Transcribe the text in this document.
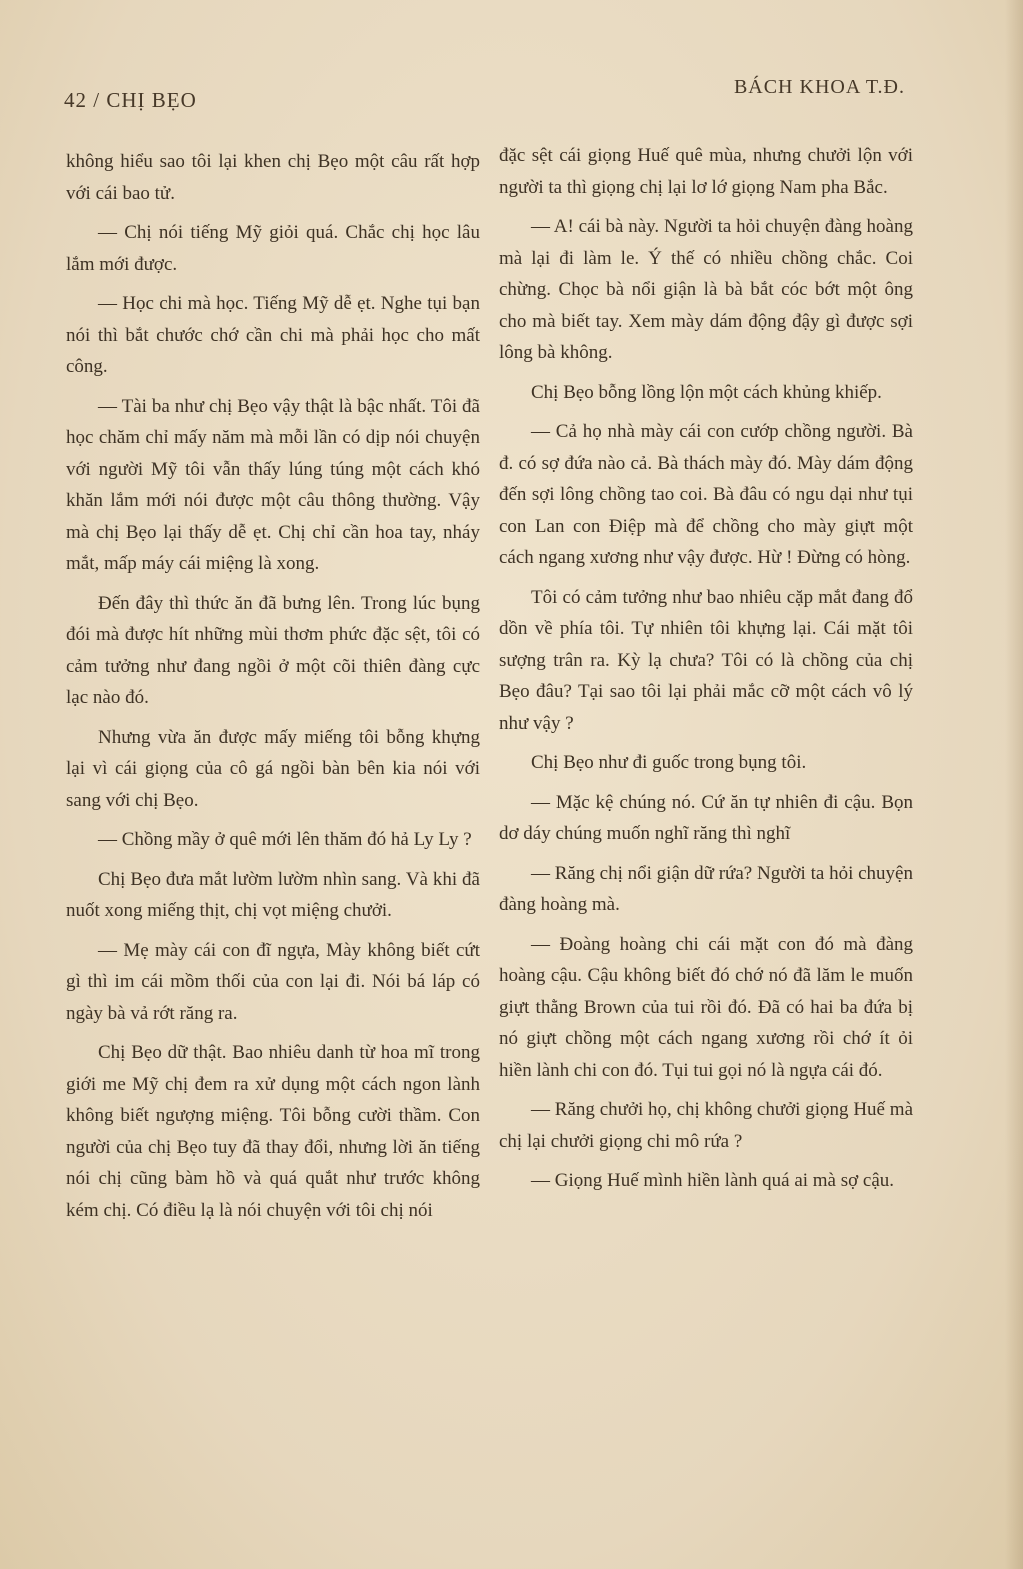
42 / CHỊ BẸO
BÁCH KHOA T.Đ.

không hiểu sao tôi lại khen chị Bẹo một câu rất hợp với cái bao tử.

— Chị nói tiếng Mỹ giỏi quá. Chắc chị học lâu lắm mới được.

— Học chi mà học. Tiếng Mỹ dễ ẹt. Nghe tụi bạn nói thì bắt chước chớ cần chi mà phải học cho mất công.

— Tài ba như chị Bẹo vậy thật là bậc nhất. Tôi đã học chăm chỉ mấy năm mà mỗi lần có dịp nói chuyện với người Mỹ tôi vẫn thấy lúng túng một cách khó khăn lắm mới nói được một câu thông thường. Vậy mà chị Bẹo lại thấy dễ ẹt. Chị chỉ cần hoa tay, nháy mắt, mấp máy cái miệng là xong.

Đến đây thì thức ăn đã bưng lên. Trong lúc bụng đói mà được hít những mùi thơm phức đặc sệt, tôi có cảm tưởng như đang ngồi ở một cõi thiên đàng cực lạc nào đó.

Nhưng vừa ăn được mấy miếng tôi bỗng khựng lại vì cái giọng của cô gá ngồi bàn bên kia nói với sang với chị Bẹo.

— Chồng mầy ở quê mới lên thăm đó hả Ly Ly ?

Chị Bẹo đưa mắt lườm lườm nhìn sang. Và khi đã nuốt xong miếng thịt, chị vọt miệng chưởi.

— Mẹ mày cái con đĩ ngựa, Mày không biết cứt gì thì im cái mồm thối của con lại đi. Nói bá láp có ngày bà vả rớt răng ra.

Chị Bẹo dữ thật. Bao nhiêu danh từ hoa mĩ trong giới me Mỹ chị đem ra xử dụng một cách ngon lành không biết ngượng miệng. Tôi bỗng cười thầm. Con người của chị Bẹo tuy đã thay đổi, nhưng lời ăn tiếng nói chị cũng bàm hồ và quá quắt như trước không kém chị. Có điều lạ là nói chuyện với tôi chị nói

đặc sệt cái giọng Huế quê mùa, nhưng chưởi lộn với người ta thì giọng chị lại lơ lớ giọng Nam pha Bắc.

— A! cái bà này. Người ta hỏi chuyện đàng hoàng mà lại đi làm le. Ý thế có nhiều chồng chắc. Coi chừng. Chọc bà nổi giận là bà bắt cóc bớt một ông cho mà biết tay. Xem mày dám động đậy gì được sợi lông bà không.

Chị Bẹo bỗng lồng lộn một cách khủng khiếp.

— Cả họ nhà mày cái con cướp chồng người. Bà đ. có sợ đứa nào cả. Bà thách mày đó. Mày dám động đến sợi lông chồng tao coi. Bà đâu có ngu dại như tụi con Lan con Điệp mà để chồng cho mày giựt một cách ngang xương như vậy được. Hừ ! Đừng có hòng.

Tôi có cảm tưởng như bao nhiêu cặp mắt đang đổ dồn về phía tôi. Tự nhiên tôi khựng lại. Cái mặt tôi sượng trân ra. Kỳ lạ chưa? Tôi có là chồng của chị Bẹo đâu? Tại sao tôi lại phải mắc cỡ một cách vô lý như vậy ?

Chị Bẹo như đi guốc trong bụng tôi.

— Mặc kệ chúng nó. Cứ ăn tự nhiên đi cậu. Bọn dơ dáy chúng muốn nghĩ răng thì nghĩ

— Răng chị nổi giận dữ rứa? Người ta hỏi chuyện đàng hoàng mà.

— Đoàng hoàng chi cái mặt con đó mà đàng hoàng cậu. Cậu không biết đó chớ nó đã lăm le muốn giựt thằng Brown của tui rồi đó. Đã có hai ba đứa bị nó giựt chồng một cách ngang xương rồi chớ ít ỏi hiền lành chi con đó. Tụi tui gọi nó là ngựa cái đó.

— Răng chưởi họ, chị không chưởi giọng Huế mà chị lại chưởi giọng chi mô rứa ?

— Giọng Huế mình hiền lành quá ai mà sợ cậu.
